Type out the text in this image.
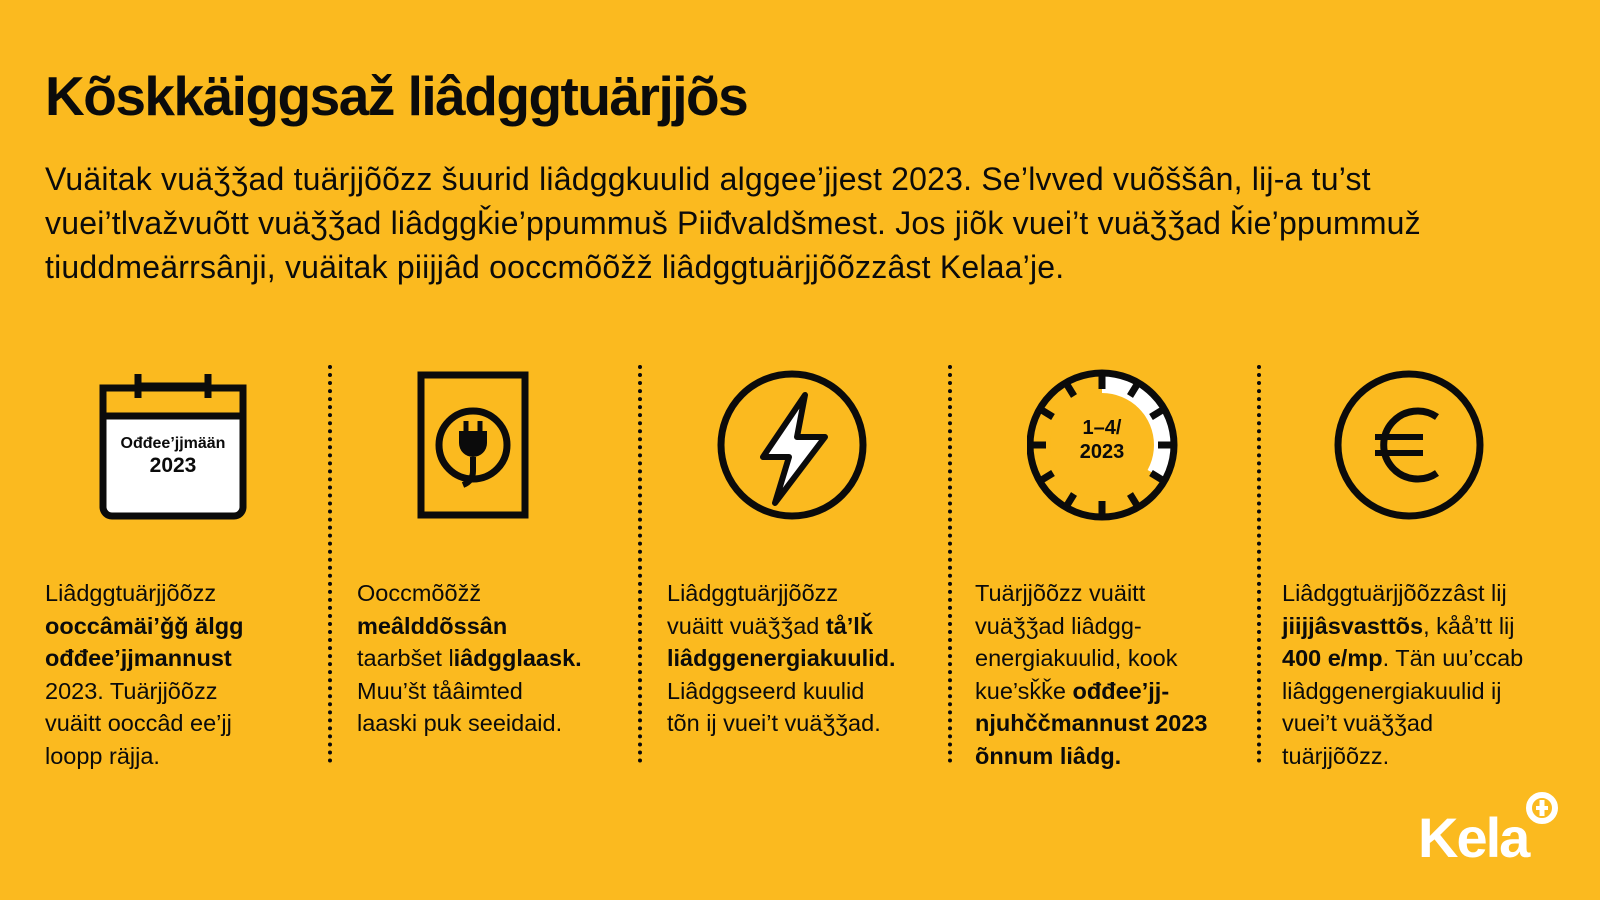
Kõskkäiggsaž liâdggtuärjjõs

Vuäitak vuäǯǯad tuärjjõõzz šuurid liâdggkuulid alggee’jjest 2023. Se’lvved vuõššân, lij-a tu’st vuei’tlvažvuõtt vuäǯǯad liâdggǩie’ppummuš Piiđvaldšmest. Jos jiõk vuei’t vuäǯǯad ǩie’ppummuž tiuddmeärrsânji, vuäitak piijjâd ooccmõõžž liâdggtuärjjõõzzâst Kelaa’je.

Ođđee’jjmään
2023
Liâdggtuärjjõõzz
ooccâmäi’ǧǧ älgg
ođđee’jjmannust
2023. Tuärjjõõzz
vuäitt ooccâd ee’jj
loopp räjja.
Ooccmõõžž
meâlddõssân
taarbšet liâdgglaask.
Muu’št tåâimted
laaski puk seeidaid.
Liâdggtuärjjõõzz
vuäitt vuäǯǯad tå’lǩ
liâdggenergiakuulid.
Liâdggseerd kuulid
tõn ij vuei’t vuäǯǯad.
1–4/
2023
Tuärjjõõzz vuäitt
vuäǯǯad liâdgg-
energiakuulid, kook
kue’sǩǩe ođđee’jj-
njuhččmannust 2023
õnnum liâdg.
Liâdggtuärjjõõzzâst lij
jiijjâsvasttõs, kåå’tt lij
400 e/mp. Tän uu’ccab
liâdggenergiakuulid ij
vuei’t vuäǯǯad
tuärjjõõzz.
Kela
